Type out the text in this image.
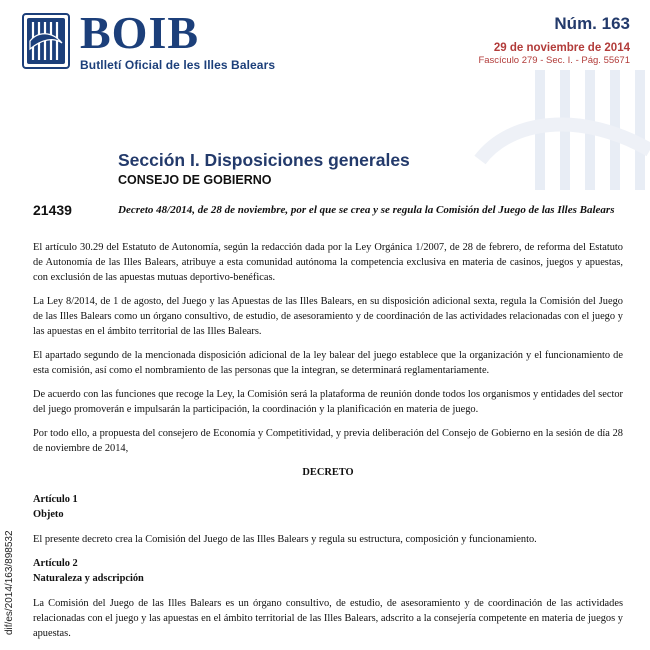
BOIB
Butlletí Oficial de les Illes Balears
Núm. 163
29 de noviembre de 2014
Fascículo 279 - Sec. I. - Pág. 55671
Sección I. Disposiciones generales
CONSEJO DE GOBIERNO
21439	Decreto 48/2014, de 28 de noviembre, por el que se crea y se regula la Comisión del Juego de las Illes Balears

El artículo 30.29 del Estatuto de Autonomía, según la redacción dada por la Ley Orgánica 1/2007, de 28 de febrero, de reforma del Estatuto de Autonomía de las Illes Balears, atribuye a esta comunidad autónoma la competencia exclusiva en materia de casinos, juegos y apuestas, con exclusión de las apuestas mutuas deportivo-benéficas.

La Ley 8/2014, de 1 de agosto, del Juego y las Apuestas de las Illes Balears, en su disposición adicional sexta, regula la Comisión del Juego de las Illes Balears como un órgano consultivo, de estudio, de asesoramiento y de coordinación de las actividades relacionadas con el juego y las apuestas en el ámbito territorial de las Illes Balears.

El apartado segundo de la mencionada disposición adicional de la ley balear del juego establece que la organización y el funcionamiento de esta comisión, así como el nombramiento de las personas que la integran, se determinará reglamentariamente.

De acuerdo con las funciones que recoge la Ley, la Comisión será la plataforma de reunión donde todos los organismos y entidades del sector del juego promoverán e impulsarán la participación, la coordinación y la planificación en materia de juego.

Por todo ello, a propuesta del consejero de Economía y Competitividad, y previa deliberación del Consejo de Gobierno en la sesión de día 28 de noviembre de 2014,

DECRETO

Artículo 1

Objeto

El presente decreto crea la Comisión del Juego de las Illes Balears y regula su estructura, composición y funcionamiento.

Artículo 2

Naturaleza y adscripción

La Comisión del Juego de las Illes Balears es un órgano consultivo, de estudio, de asesoramiento y de coordinación de las actividades relacionadas con el juego y las apuestas en el ámbito territorial de las Illes Balears, adscrito a la consejería competente en materia de juegos y apuestas.

dif/es/2014/163/898532
